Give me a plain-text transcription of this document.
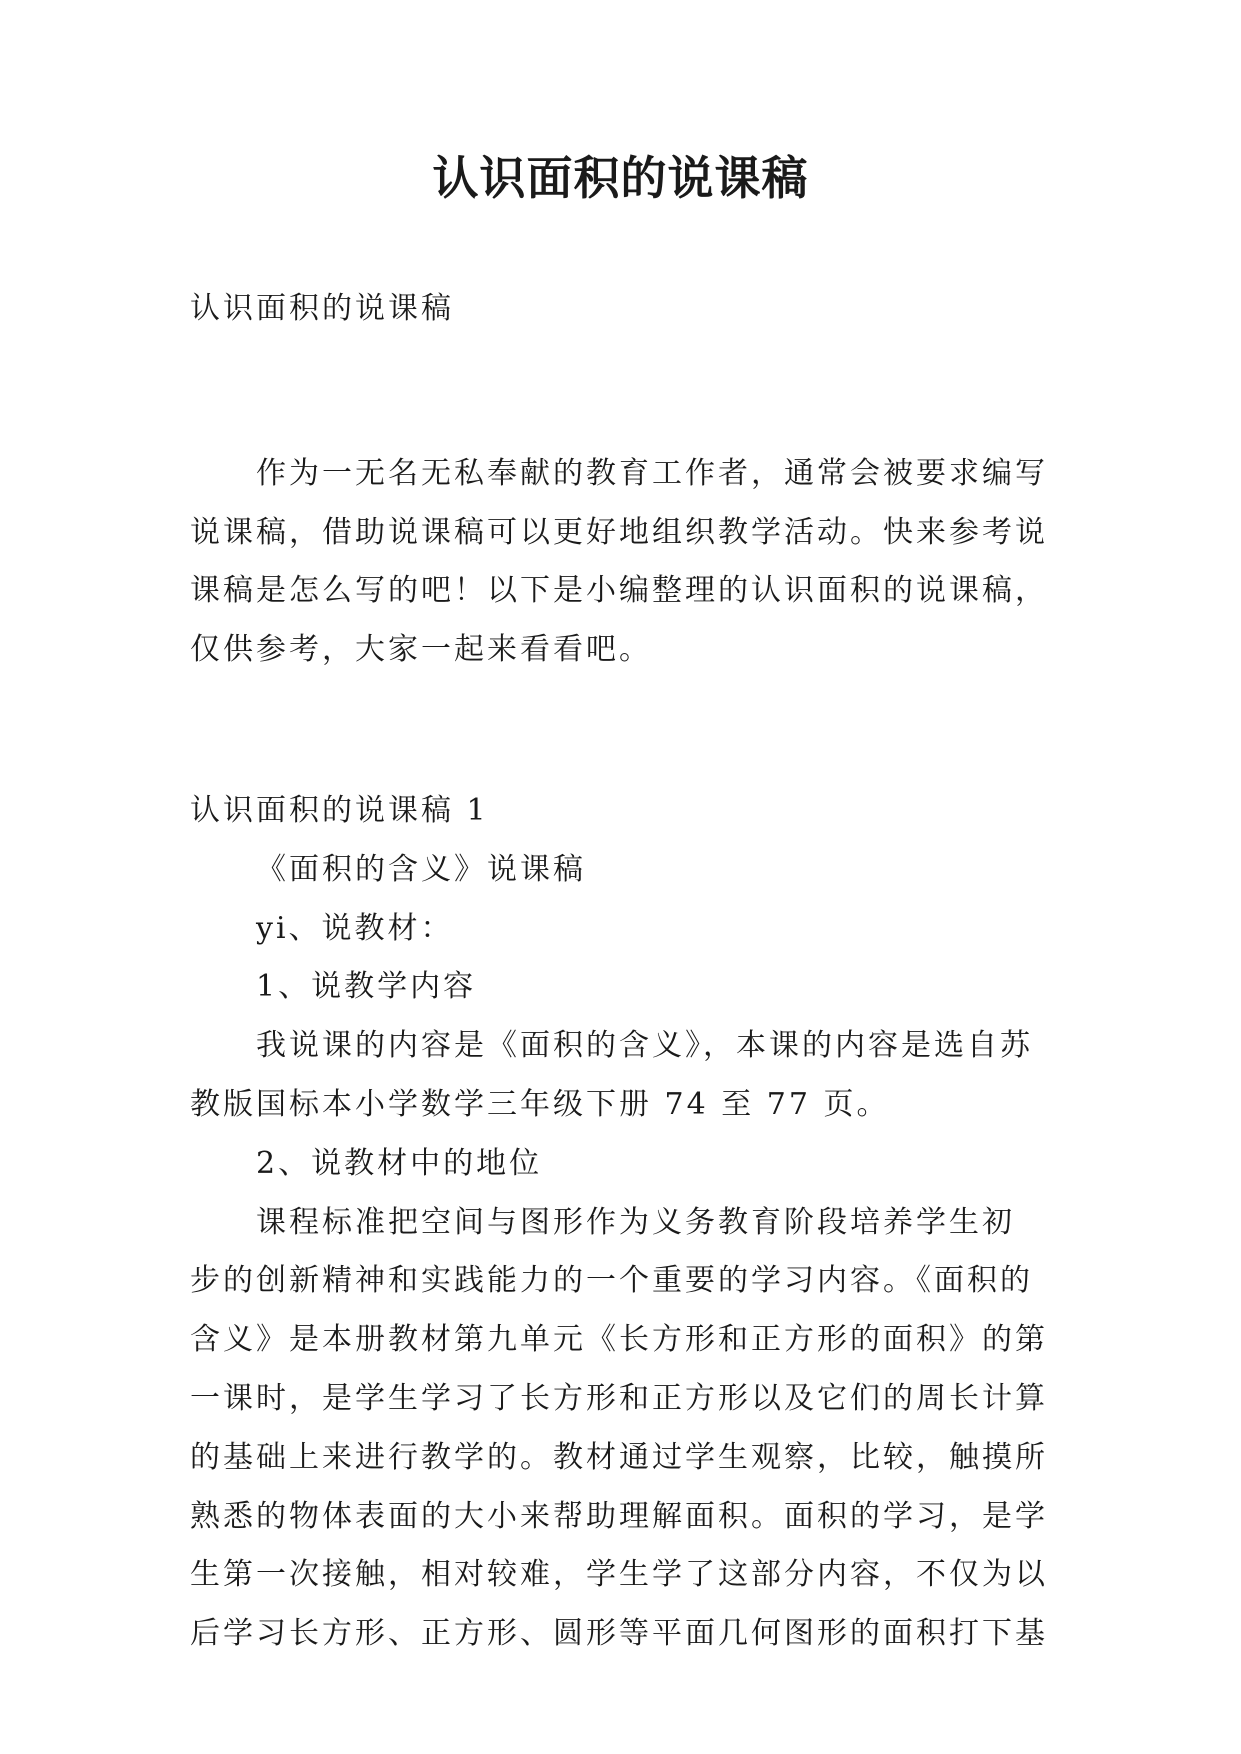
认识面积的说课稿
认识面积的说课稿
作为一无名无私奉献的教育工作者，通常会被要求编写
说课稿，借助说课稿可以更好地组织教学活动。快来参考说
课稿是怎么写的吧！以下是小编整理的认识面积的说课稿，
仅供参考，大家一起来看看吧。
认识面积的说课稿 1
《面积的含义》说课稿
yi、说教材：
1、说教学内容
我说课的内容是《面积的含义》，本课的内容是选自苏
教版国标本小学数学三年级下册 74 至 77 页。
2、说教材中的地位
课程标准把空间与图形作为义务教育阶段培养学生初
步的创新精神和实践能力的一个重要的学习内容。《面积的
含义》是本册教材第九单元《长方形和正方形的面积》的第
一课时，是学生学习了长方形和正方形以及它们的周长计算
的基础上来进行教学的。教材通过学生观察，比较，触摸所
熟悉的物体表面的大小来帮助理解面积。面积的学习，是学
生第一次接触，相对较难，学生学了这部分内容，不仅为以
后学习长方形、正方形、圆形等平面几何图形的面积打下基
